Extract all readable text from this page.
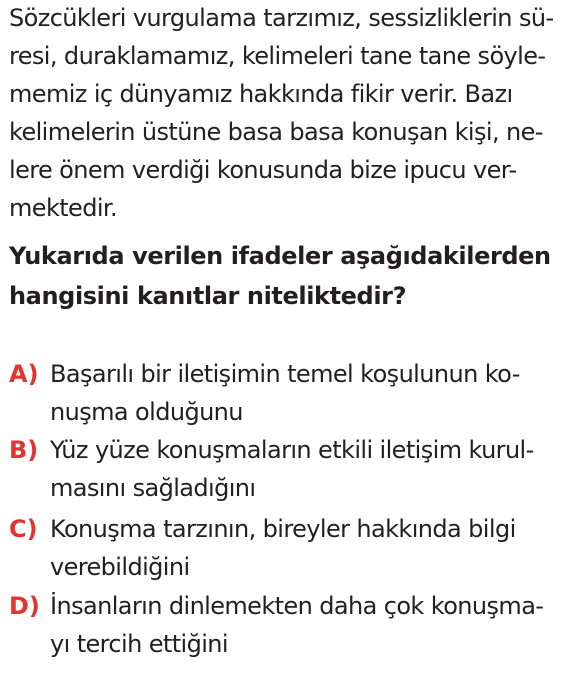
Sözcükleri vurgulama tarzımız, sessizliklerin sü-
resi, duraklamamız, kelimeleri tane tane söyle-
memiz iç dünyamız hakkında fikir verir. Bazı
kelimelerin üstüne basa basa konuşan kişi, ne-
lere önem verdiği konusunda bize ipucu ver-
mektedir.
Yukarıda verilen ifadeler aşağıdakilerden
hangisini kanıtlar niteliktedir?
A) Başarılı bir iletişimin temel koşulunun ko-
nuşma olduğunu
B) Yüz yüze konuşmaların etkili iletişim kurul-
masını sağladığını
C) Konuşma tarzının, bireyler hakkında bilgi
verebildiğini
D) İnsanların dinlemekten daha çok konuşma-
yı tercih ettiğini
